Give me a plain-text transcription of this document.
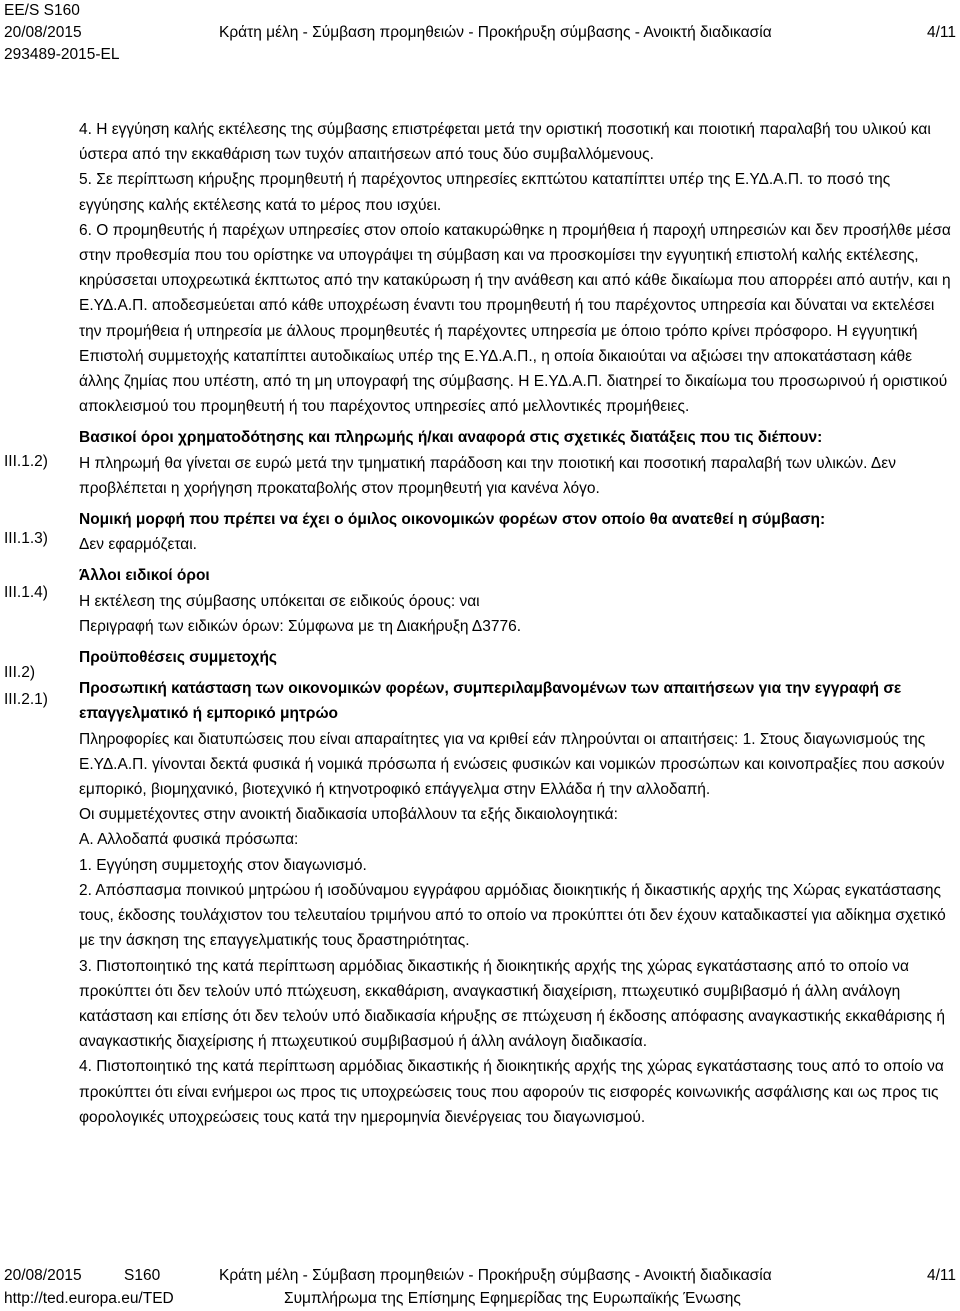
EE/S S160
20/08/2015	Κράτη μέλη - Σύμβαση προμηθειών - Προκήρυξη σύμβασης - Ανοικτή διαδικασία	4/11
293489-2015-EL
III.1.2)
III.1.3)
III.1.4)
III.2)
III.2.1)

4. Η εγγύηση καλής εκτέλεσης της σύμβασης επιστρέφεται μετά την οριστική ποσοτική και ποιοτική παραλαβή του υλικού και ύστερα από την εκκαθάριση των τυχόν απαιτήσεων από τους δύο συμβαλλόμενους.

5. Σε περίπτωση κήρυξης προμηθευτή ή παρέχοντος υπηρεσίες εκπτώτου καταπίπτει υπέρ της Ε.ΥΔ.Α.Π. το ποσό της εγγύησης καλής εκτέλεσης κατά το μέρος που ισχύει.

6. Ο προμηθευτής ή παρέχων υπηρεσίες στον οποίο κατακυρώθηκε η προμήθεια ή παροχή υπηρεσιών και δεν προσήλθε μέσα στην προθεσμία που του ορίστηκε να υπογράψει τη σύμβαση και να προσκομίσει την εγγυητική επιστολή καλής εκτέλεσης, κηρύσσεται υποχρεωτικά έκπτωτος από την κατακύρωση ή την ανάθεση και από κάθε δικαίωμα που απορρέει από αυτήν, και η Ε.ΥΔ.Α.Π. αποδεσμεύεται από κάθε υποχρέωση έναντι του προμηθευτή ή του παρέχοντος υπηρεσία και δύναται να εκτελέσει την προμήθεια ή υπηρεσία με άλλους προμηθευτές ή παρέχοντες υπηρεσία με όποιο τρόπο κρίνει πρόσφορο. Η εγγυητική Επιστολή συμμετοχής καταπίπτει αυτοδικαίως υπέρ της Ε.ΥΔ.Α.Π., η οποία δικαιούται να αξιώσει την αποκατάσταση κάθε άλλης ζημίας που υπέστη, από τη μη υπογραφή της σύμβασης. Η Ε.ΥΔ.Α.Π. διατηρεί το δικαίωμα του προσωρινού ή οριστικού αποκλεισμού του προμηθευτή ή του παρέχοντος υπηρεσίες από μελλοντικές προμήθειες.

Βασικοί όροι χρηματοδότησης και πληρωμής ή/και αναφορά στις σχετικές διατάξεις που τις διέπουν:

Η πληρωμή θα γίνεται σε ευρώ μετά την τμηματική παράδοση και την ποιοτική και ποσοτική παραλαβή των υλικών. Δεν προβλέπεται η χορήγηση προκαταβολής στον προμηθευτή για κανένα λόγο.

Νομική μορφή που πρέπει να έχει ο όμιλος οικονομικών φορέων στον οποίο θα ανατεθεί η σύμβαση:

Δεν εφαρμόζεται.

Άλλοι ειδικοί όροι

Η εκτέλεση της σύμβασης υπόκειται σε ειδικούς όρους: ναι

Περιγραφή των ειδικών όρων: Σύμφωνα με τη Διακήρυξη Δ3776.

Προϋποθέσεις συμμετοχής

Προσωπική κατάσταση των οικονομικών φορέων, συμπεριλαμβανομένων των απαιτήσεων για την εγγραφή σε επαγγελματικό ή εμπορικό μητρώο

Πληροφορίες και διατυπώσεις που είναι απαραίτητες για να κριθεί εάν πληρούνται οι απαιτήσεις: 1. Στους διαγωνισμούς της Ε.ΥΔ.Α.Π. γίνονται δεκτά φυσικά ή νομικά πρόσωπα ή ενώσεις φυσικών και νομικών προσώπων και κοινοπραξίες που ασκούν εμπορικό, βιομηχανικό, βιοτεχνικό ή κτηνοτροφικό επάγγελμα στην Ελλάδα ή την αλλοδαπή.

Οι συμμετέχοντες στην ανοικτή διαδικασία υποβάλλουν τα εξής δικαιολογητικά:

Α. Αλλοδαπά φυσικά πρόσωπα:

1. Εγγύηση συμμετοχής στον διαγωνισμό.

2. Απόσπασμα ποινικού μητρώου ή ισοδύναμου εγγράφου αρμόδιας διοικητικής ή δικαστικής αρχής της Χώρας εγκατάστασης τους, έκδοσης τουλάχιστον του τελευταίου τριμήνου από το οποίο να προκύπτει ότι δεν έχουν καταδικαστεί για αδίκημα σχετικό με την άσκηση της επαγγελματικής τους δραστηριότητας.

3. Πιστοποιητικό της κατά περίπτωση αρμόδιας δικαστικής ή διοικητικής αρχής της χώρας εγκατάστασης από το οποίο να προκύπτει ότι δεν τελούν υπό πτώχευση, εκκαθάριση, αναγκαστική διαχείριση, πτωχευτικό συμβιβασμό ή άλλη ανάλογη κατάσταση και επίσης ότι δεν τελούν υπό διαδικασία κήρυξης σε πτώχευση ή έκδοσης απόφασης αναγκαστικής εκκαθάρισης ή αναγκαστικής διαχείρισης ή πτωχευτικού συμβιβασμού ή άλλη ανάλογη διαδικασία.

4. Πιστοποιητικό της κατά περίπτωση αρμόδιας δικαστικής ή διοικητικής αρχής της χώρας εγκατάστασης τους από το οποίο να προκύπτει ότι είναι ενήμεροι ως προς τις υποχρεώσεις τους που αφορούν τις εισφορές κοινωνικής ασφάλισης και ως προς τις φορολογικές υποχρεώσεις τους κατά την ημερομηνία διενέργειας του διαγωνισμού.

20/08/2015	S160	Κράτη μέλη - Σύμβαση προμηθειών - Προκήρυξη σύμβασης - Ανοικτή διαδικασία	4/11
http://ted.europa.eu/TED	Συμπλήρωμα της Επίσημης Εφημερίδας της Ευρωπαϊκής Ένωσης
